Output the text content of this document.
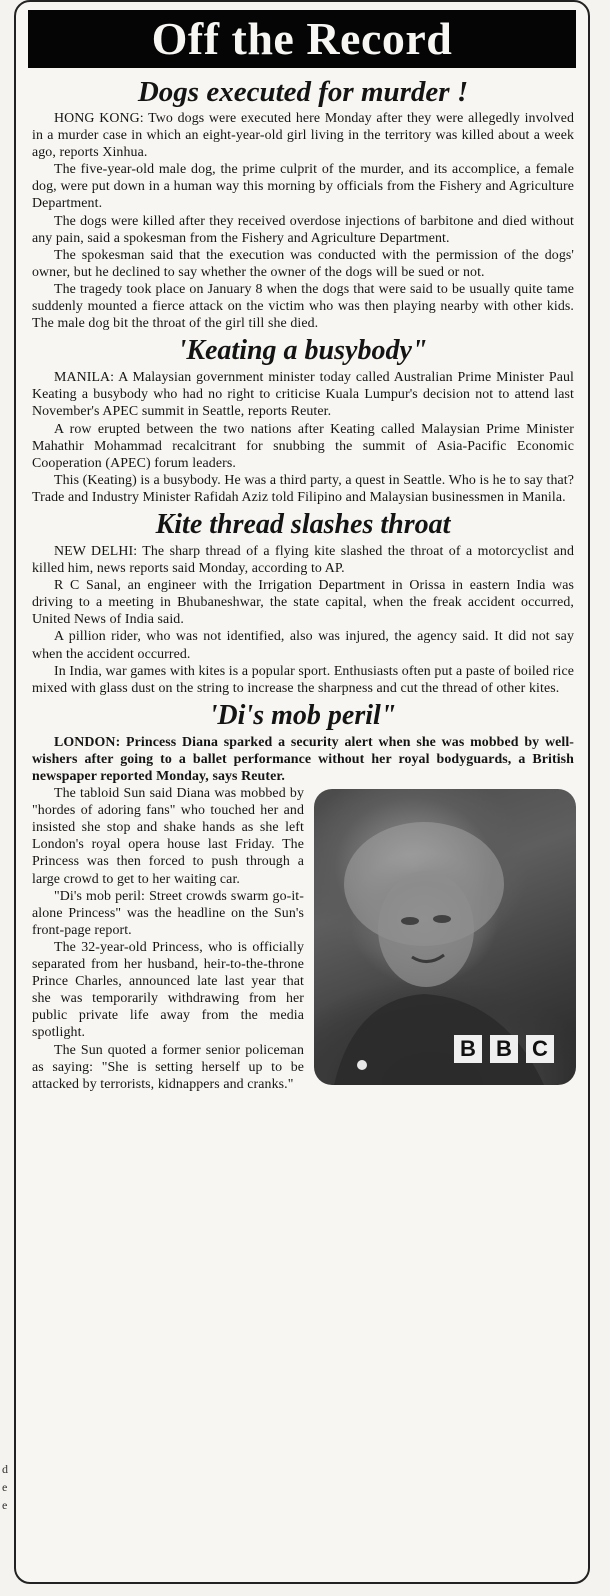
Off the Record
Dogs executed for murder !

HONG KONG: Two dogs were executed here Monday after they were allegedly involved in a murder case in which an eight-year-old girl living in the territory was killed about a week ago, reports Xinhua.

The five-year-old male dog, the prime culprit of the murder, and its accomplice, a female dog, were put down in a human way this morning by officials from the Fishery and Agriculture Department.

The dogs were killed after they received overdose injections of barbitone and died without any pain, said a spokesman from the Fishery and Agriculture Department.

The spokesman said that the execution was conducted with the permission of the dogs' owner, but he declined to say whether the owner of the dogs will be sued or not.

The tragedy took place on January 8 when the dogs that were said to be usually quite tame suddenly mounted a fierce attack on the victim who was then playing nearby with other kids. The male dog bit the throat of the girl till she died.

'Keating a busybody"

MANILA: A Malaysian government minister today called Australian Prime Minister Paul Keating a busybody who had no right to criticise Kuala Lumpur's decision not to attend last November's APEC summit in Seattle, reports Reuter.

A row erupted between the two nations after Keating called Malaysian Prime Minister Mahathir Mohammad recalcitrant for snubbing the summit of Asia-Pacific Economic Cooperation (APEC) forum leaders.

This (Keating) is a busybody. He was a third party, a quest in Seattle. Who is he to say that? Trade and Industry Minister Rafidah Aziz told Filipino and Malaysian businessmen in Manila.

Kite thread slashes throat

NEW DELHI: The sharp thread of a flying kite slashed the throat of a motorcyclist and killed him, news reports said Monday, according to AP.

R C Sanal, an engineer with the Irrigation Department in Orissa in eastern India was driving to a meeting in Bhubaneshwar, the state capital, when the freak accident occurred, United News of India said.

A pillion rider, who was not identified, also was injured, the agency said. It did not say when the accident occurred.

In India, war games with kites is a popular sport. Enthusiasts often put a paste of boiled rice mixed with glass dust on the string to increase the sharpness and cut the thread of other kites.

'Di's mob peril"

LONDON: Princess Diana sparked a security alert when she was mobbed by well-wishers after going to a ballet performance without her royal bodyguards, a British newspaper reported Monday, says Reuter.

B B C

The tabloid Sun said Diana was mobbed by "hordes of adoring fans" who touched her and insisted she stop and shake hands as she left London's royal opera house last Friday. The Princess was then forced to push through a large crowd to get to her waiting car.

"Di's mob peril: Street crowds swarm go-it-alone Princess" was the headline on the Sun's front-page report.

The 32-year-old Princess, who is officially separated from her husband, heir-to-the-throne Prince Charles, announced late last year that she was temporarily withdrawing from her public private life away from the media spotlight.

The Sun quoted a former senior policeman as saying: "She is setting herself up to be attacked by terrorists, kidnappers and cranks."

d
e
e
